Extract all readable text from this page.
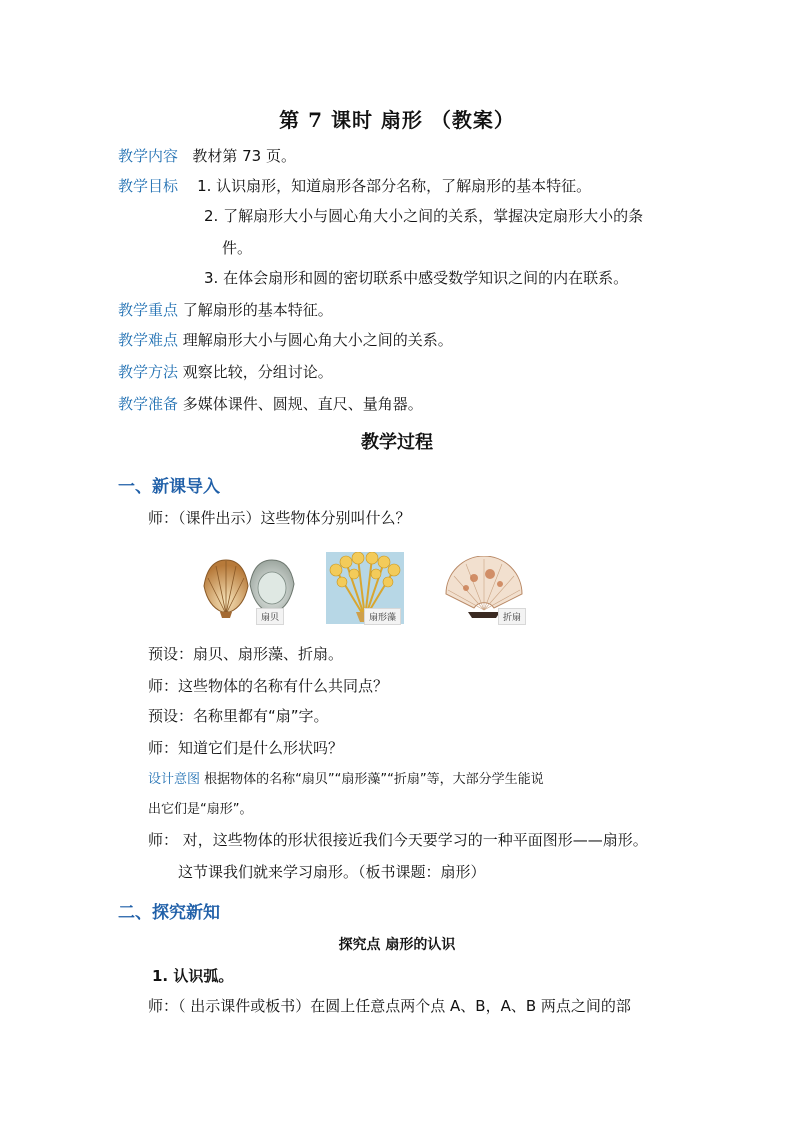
第 7 课时 扇形 （教案）
教学内容 教材第 73 页。
教学目标 1. 认识扇形，知道扇形各部分名称，了解扇形的基本特征。
2. 了解扇形大小与圆心角大小之间的关系，掌握决定扇形大小的条
件。
3. 在体会扇形和圆的密切联系中感受数学知识之间的内在联系。
教学重点 了解扇形的基本特征。
教学难点 理解扇形大小与圆心角大小之间的关系。
教学方法 观察比较，分组讨论。
教学准备 多媒体课件、圆规、直尺、量角器。
教学过程
一、新课导入
师：（课件出示）这些物体分别叫什么？
扇贝	扇形藻	折扇
预设：扇贝、扇形藻、折扇。
师：这些物体的名称有什么共同点？
预设：名称里都有“扇”字。
师：知道它们是什么形状吗？
设计意图 根据物体的名称“扇贝”“扇形藻”“折扇”等，大部分学生能说
出它们是“扇形”。
师： 对，这些物体的形状很接近我们今天要学习的一种平面图形——扇形。
这节课我们就来学习扇形。（板书课题：扇形）
二、探究新知
探究点 扇形的认识
1. 认识弧。
师：（ 出示课件或板书）在圆上任意点两个点 A、B，A、B 两点之间的部
